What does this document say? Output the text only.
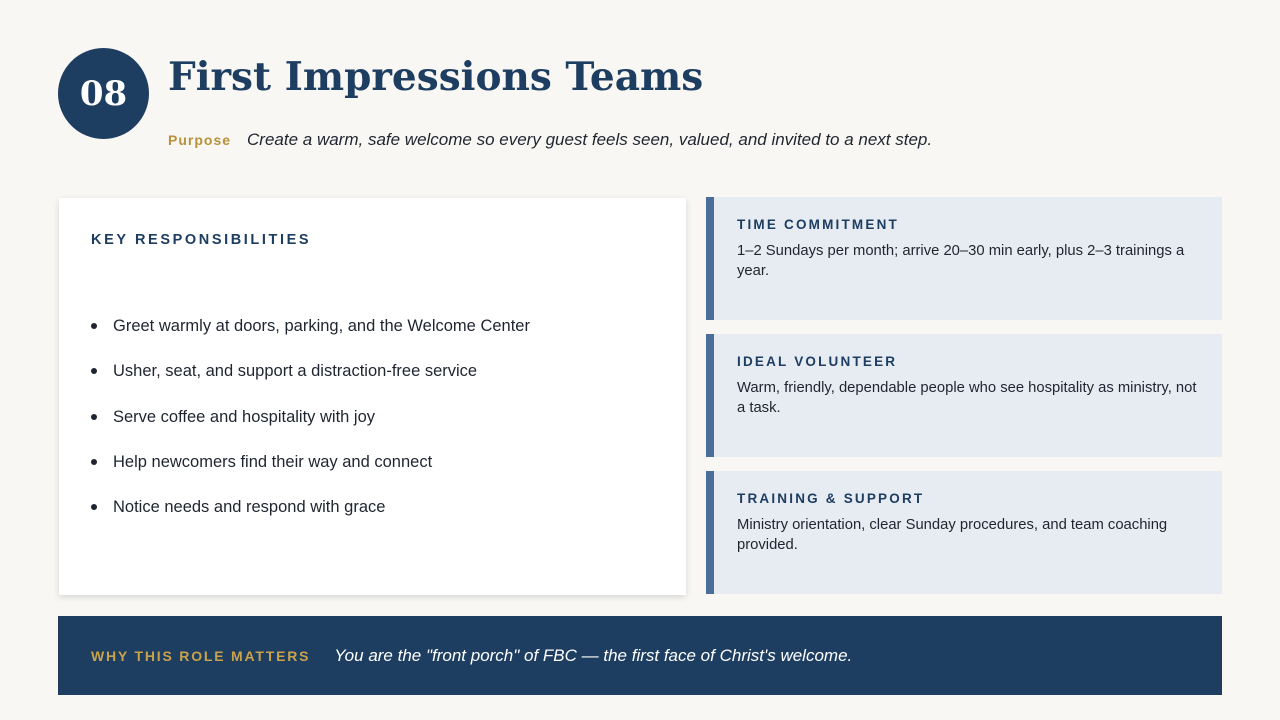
08	First Impressions Teams
Purpose Create a warm, safe welcome so every guest feels seen, valued, and invited to a next step.
KEY RESPONSIBILITIES
Greet warmly at doors, parking, and the Welcome Center
Usher, seat, and support a distraction-free service
Serve coffee and hospitality with joy
Help newcomers find their way and connect
Notice needs and respond with grace
TIME COMMITMENT
1–2 Sundays per month; arrive 20–30 min early, plus 2–3 trainings a year.
IDEAL VOLUNTEER
Warm, friendly, dependable people who see hospitality as ministry, not a task.
TRAINING & SUPPORT
Ministry orientation, clear Sunday procedures, and team coaching provided.
WHY THIS ROLE MATTERS You are the "front porch" of FBC — the first face of Christ's welcome.
